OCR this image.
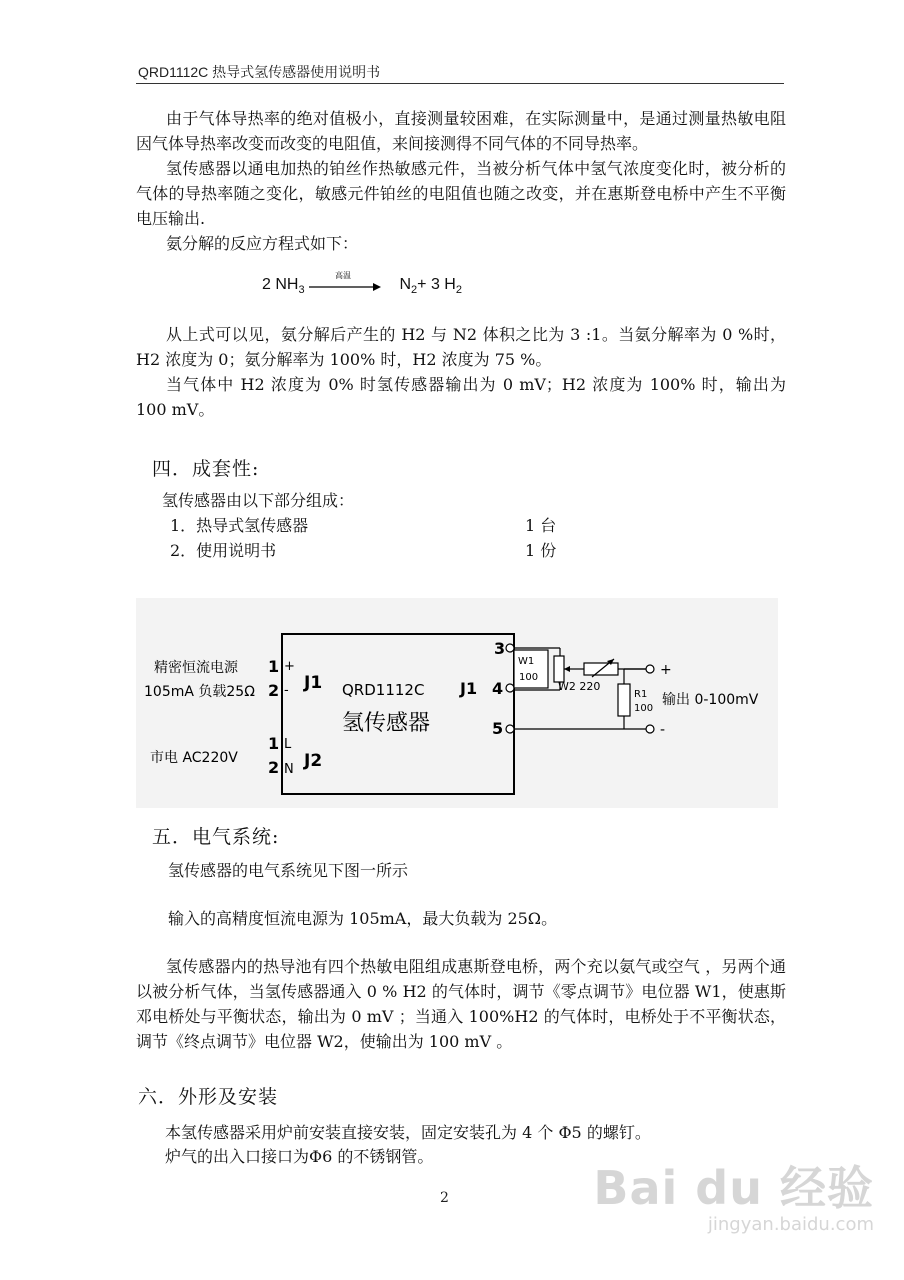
QRD1112C 热导式氢传感器使用说明书

由于气体导热率的绝对值极小，直接测量较困难，在实际测量中，是通过测量热敏电阻因气体导热率改变而改变的电阻值，来间接测得不同气体的不同导热率。

氢传感器以通电加热的铂丝作热敏感元件，当被分析气体中氢气浓度变化时，被分析的气体的导热率随之变化，敏感元件铂丝的电阻值也随之改变，并在惠斯登电桥中产生不平衡电压输出.

氨分解的反应方程式如下：

2 $NH_3$
高温
$N_2+ 3$ $H_2$

从上式可以见，氨分解后产生的 H2 与 N2 体积之比为 3 :1。当氨分解率为 0 %时，H2 浓度为 0；氨分解率为 100% 时，H2 浓度为 75 %。

当气体中 H2 浓度为 0% 时氢传感器输出为 0 mV；H2 浓度为 100% 时，输出为 100 mV。

四．成套性:
氢传感器由以下部分组成：
1．热导式氢传感器	1 台
2．使用说明书	1 份
精密恒流电源
105mA 负载25Ω
市电 AC220V
1 +
2 - J1
1 L
2 N J2
QRD1112C
氢传感器
3
J1 4
5
W1
100
W2 220
R1
100
+
-
输出 0-100mV
五．电气系统:
氢传感器的电气系统见下图一所示
输入的高精度恒流电源为 105mA，最大负载为 25Ω。

氢传感器内的热导池有四个热敏电阻组成惠斯登电桥，两个充以氨气或空气 ，另两个通以被分析气体，当氢传感器通入 0 % H2 的气体时，调节《零点调节》电位器 W1，使惠斯邓电桥处与平衡状态，输出为 0 mV ；当通入 100%H2 的气体时，电桥处于不平衡状态，调节《终点调节》电位器 W2，使输出为 100 mV 。

六．外形及安装
本氢传感器采用炉前安装直接安装，固定安装孔为 4 个 Φ5 的螺钉。
炉气的出入口接口为Φ6 的不锈钢管。
2	Bai du 经验
jingyan.baidu.com
